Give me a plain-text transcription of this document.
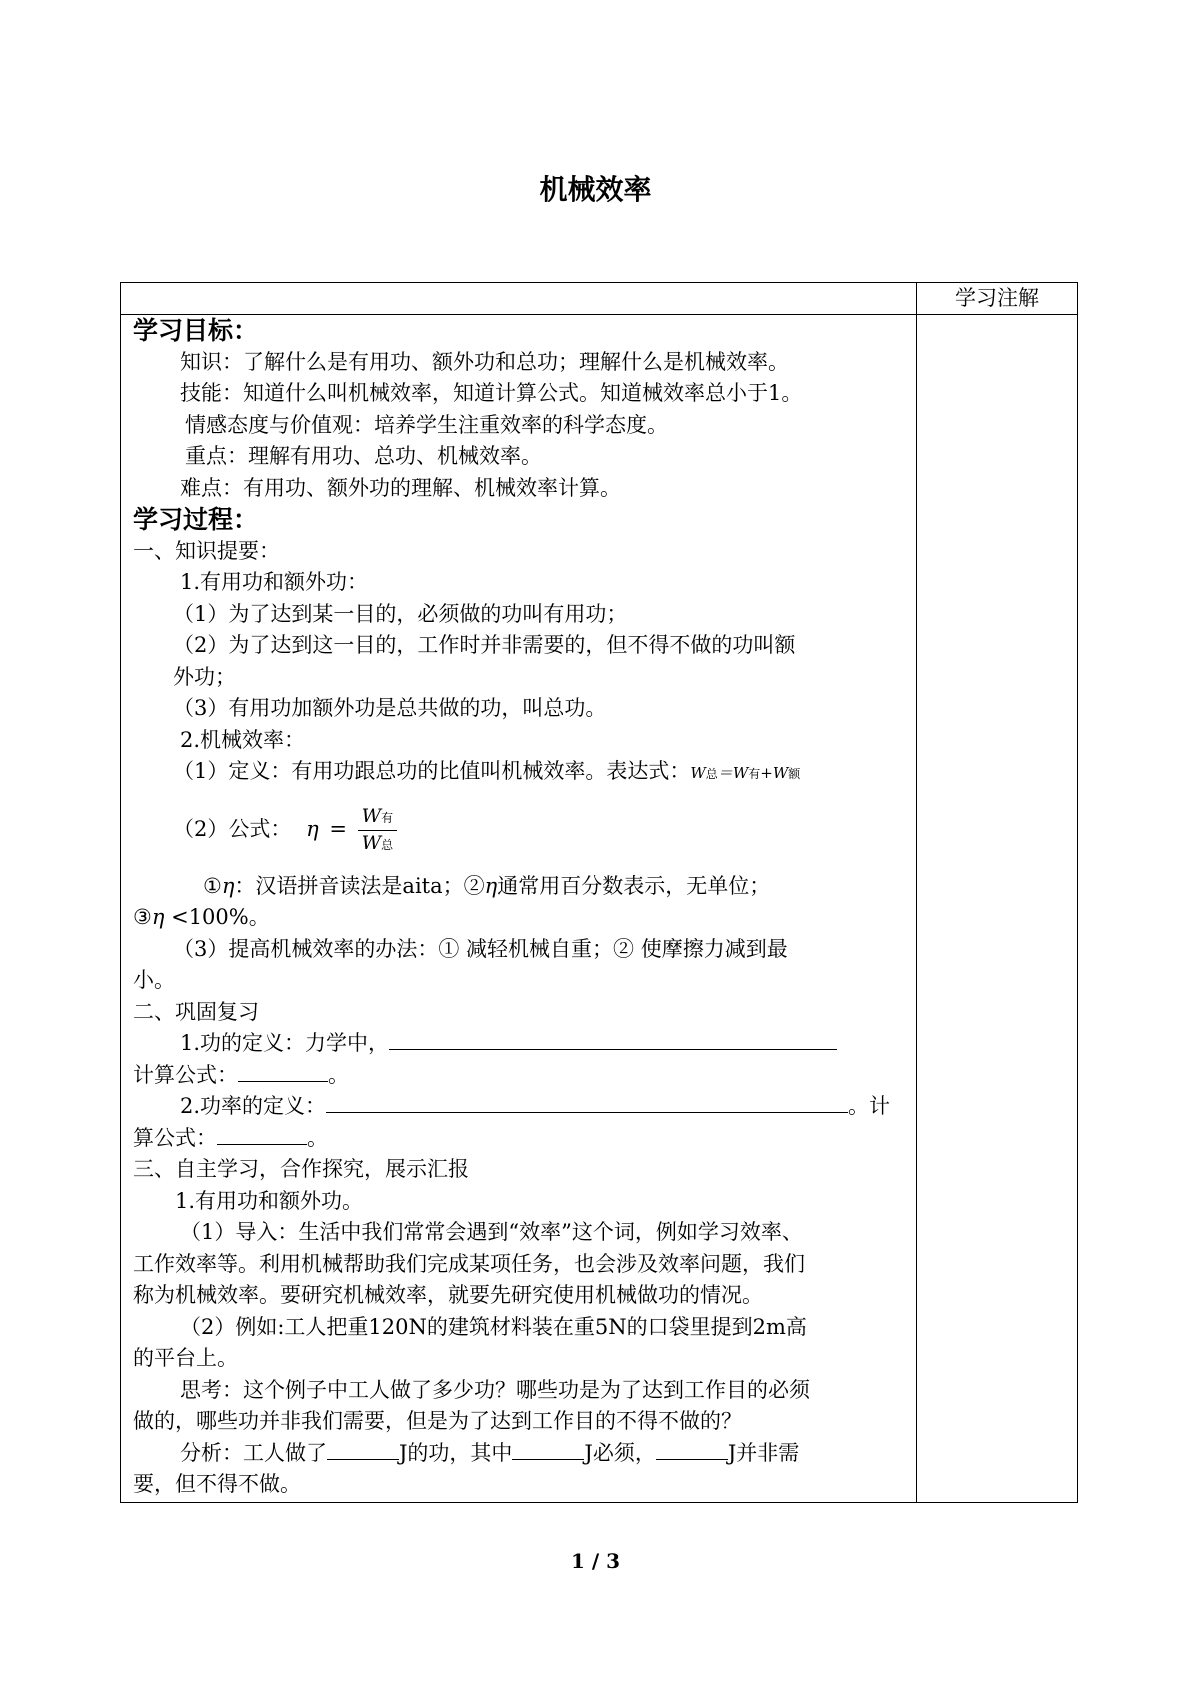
机械效率
学习注解

学习目标：

知识：了解什么是有用功、额外功和总功；理解什么是机械效率。

技能：知道什么叫机械效率，知道计算公式。知道械效率总小于1。

情感态度与价值观：培养学生注重效率的科学态度。

重点：理解有用功、总功、机械效率。

难点：有用功、额外功的理解、机械效率计算。

学习过程：

一、知识提要：

1.有用功和额外功：

（1）为了达到某一目的，必须做的功叫有用功；

（2）为了达到这一目的，工作时并非需要的，但不得不做的功叫额

外功；

（3）有用功加额外功是总共做的功，叫总功。

2.机械效率：

（1）定义：有用功跟总功的比值叫机械效率。表达式：W总＝W有+W额

（2）公式： $\eta = \frac{\text{W有}}{\text{W总}}$

①η：汉语拼音读法是aita；②η通常用百分数表示，无单位；

③η <100%。

（3）提高机械效率的办法：① 减轻机械自重；② 使摩擦力减到最

小。

二、巩固复习

1.功的定义：力学中，

计算公式：	。

2.功率的定义：	。计

算公式：	。

三、自主学习，合作探究，展示汇报

1.有用功和额外功。

（1）导入：生活中我们常常会遇到“效率”这个词，例如学习效率、

工作效率等。利用机械帮助我们完成某项任务，也会涉及效率问题，我们

称为机械效率。要研究机械效率，就要先研究使用机械做功的情况。

（2）例如:工人把重120N的建筑材料装在重5N的口袋里提到2m高

的平台上。

思考：这个例子中工人做了多少功？哪些功是为了达到工作目的必须

做的，哪些功并非我们需要，但是为了达到工作目的不得不做的？

分析：工人做了	J的功，其中	J必须，	J并非需

要，但不得不做。

1 / 3
